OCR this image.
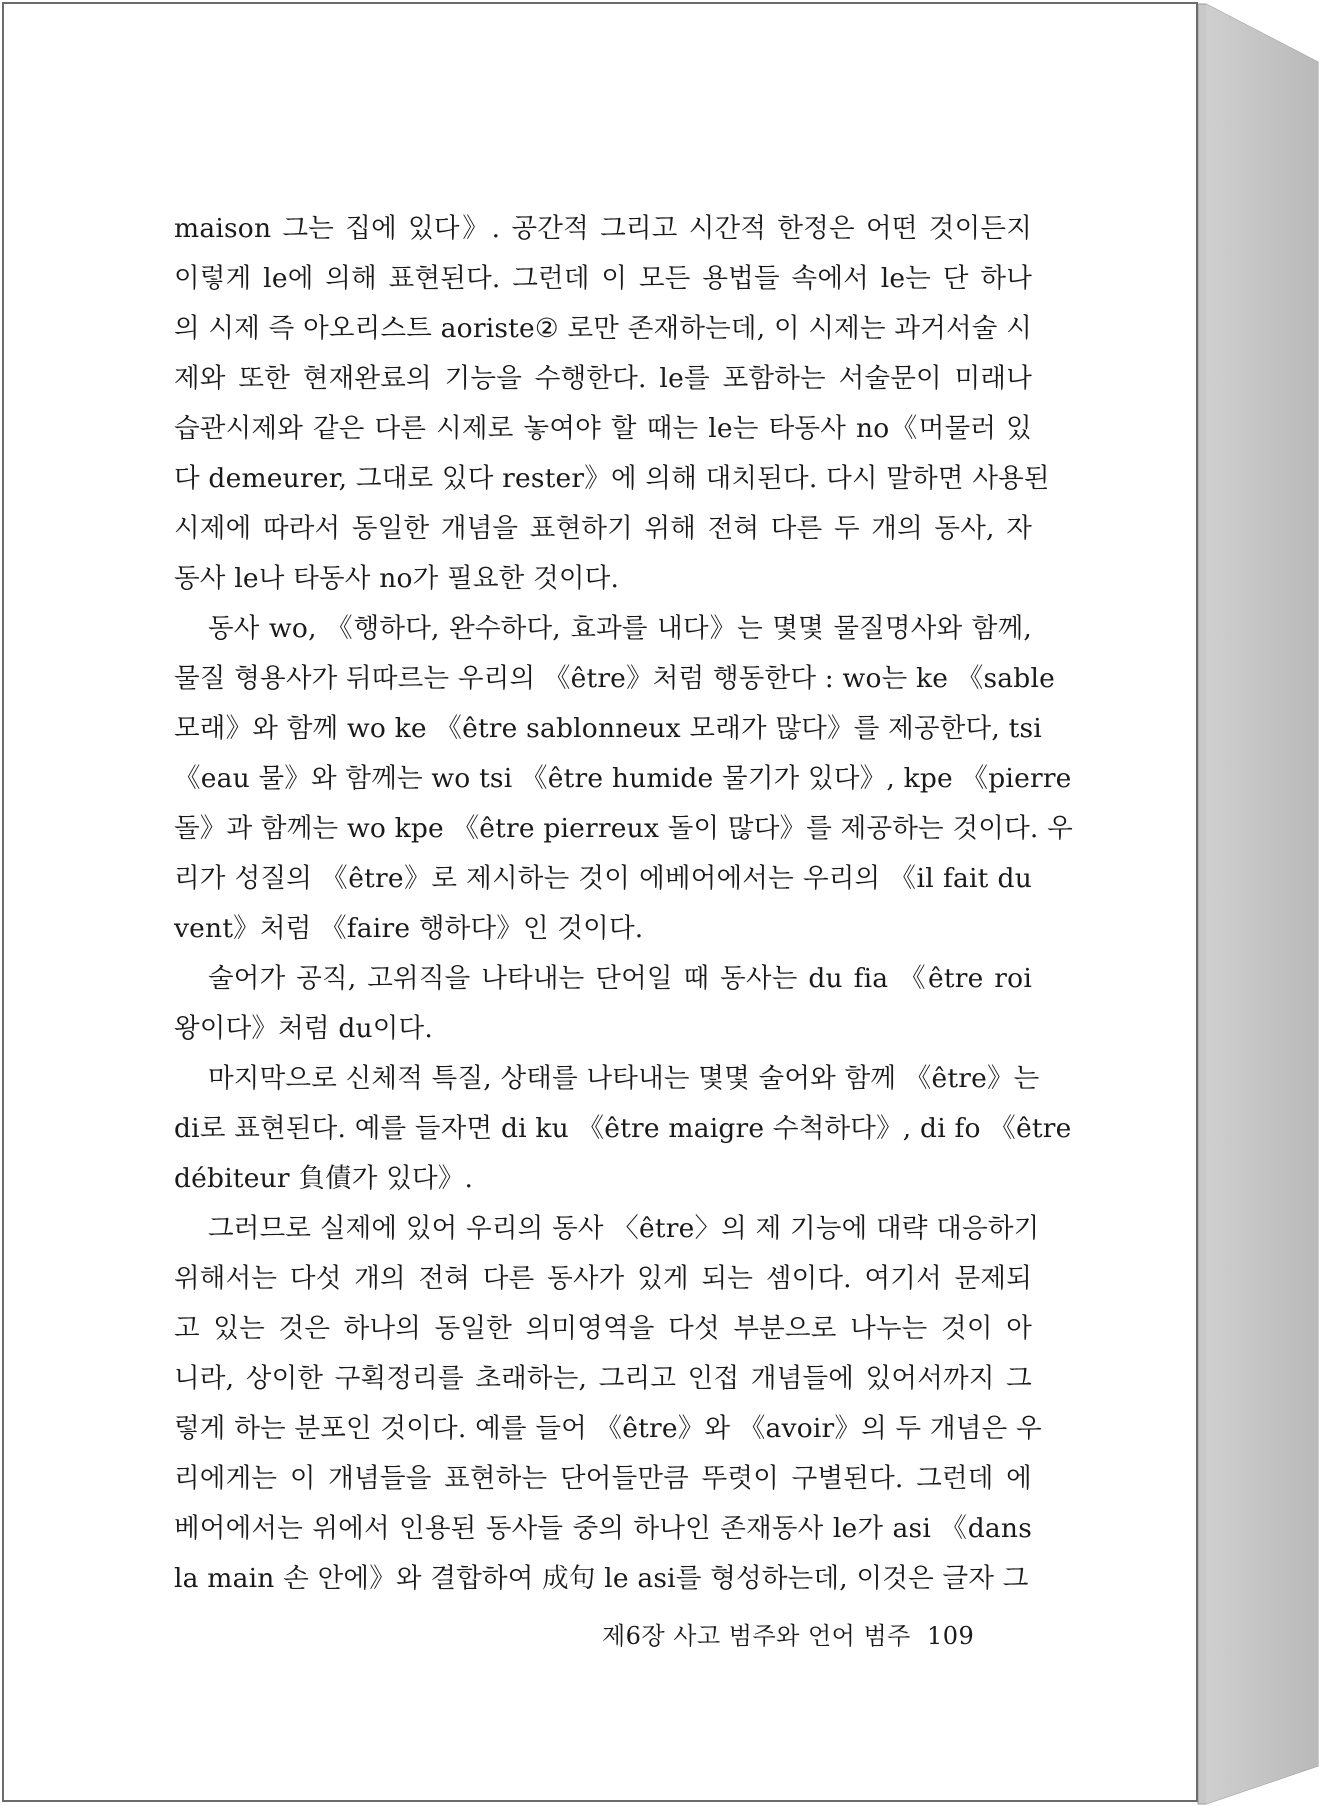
maison 그는 집에 있다》. 공간적 그리고 시간적 한정은 어떤 것이든지
이렇게 le에 의해 표현된다. 그런데 이 모든 용법들 속에서 le는 단 하나
의 시제 즉 아오리스트 aoriste② 로만 존재하는데, 이 시제는 과거서술 시
제와 또한 현재완료의 기능을 수행한다. le를 포함하는 서술문이 미래나
습관시제와 같은 다른 시제로 놓여야 할 때는 le는 타동사 no《머물러 있
다 demeurer, 그대로 있다 rester》에 의해 대치된다. 다시 말하면 사용된
시제에 따라서 동일한 개념을 표현하기 위해 전혀 다른 두 개의 동사, 자
동사 le나 타동사 no가 필요한 것이다.
동사 wo, 《행하다, 완수하다, 효과를 내다》는 몇몇 물질명사와 함께,
물질 형용사가 뒤따르는 우리의 《être》처럼 행동한다 : wo는 ke 《sable
모래》와 함께 wo ke 《être sablonneux 모래가 많다》를 제공한다, tsi
《eau 물》와 함께는 wo tsi 《être humide 물기가 있다》, kpe 《pierre
돌》과 함께는 wo kpe 《être pierreux 돌이 많다》를 제공하는 것이다. 우
리가 성질의 《être》로 제시하는 것이 에베어에서는 우리의 《il fait du
vent》처럼 《faire 행하다》인 것이다.
술어가 공직, 고위직을 나타내는 단어일 때 동사는 du fia 《être roi
왕이다》처럼 du이다.
마지막으로 신체적 특질, 상태를 나타내는 몇몇 술어와 함께 《être》는
di로 표현된다. 예를 들자면 di ku 《être maigre 수척하다》, di fo 《être
débiteur 負債가 있다》.
그러므로 실제에 있어 우리의 동사 〈être〉의 제 기능에 대략 대응하기
위해서는 다섯 개의 전혀 다른 동사가 있게 되는 셈이다. 여기서 문제되
고 있는 것은 하나의 동일한 의미영역을 다섯 부분으로 나누는 것이 아
니라, 상이한 구획정리를 초래하는, 그리고 인접 개념들에 있어서까지 그
렇게 하는 분포인 것이다. 예를 들어 《être》와 《avoir》의 두 개념은 우
리에게는 이 개념들을 표현하는 단어들만큼 뚜렷이 구별된다. 그런데 에
베어에서는 위에서 인용된 동사들 중의 하나인 존재동사 le가 asi 《dans
la main 손 안에》와 결합하여 成句 le asi를 형성하는데, 이것은 글자 그
제6장 사고 범주와 언어 범주 109
